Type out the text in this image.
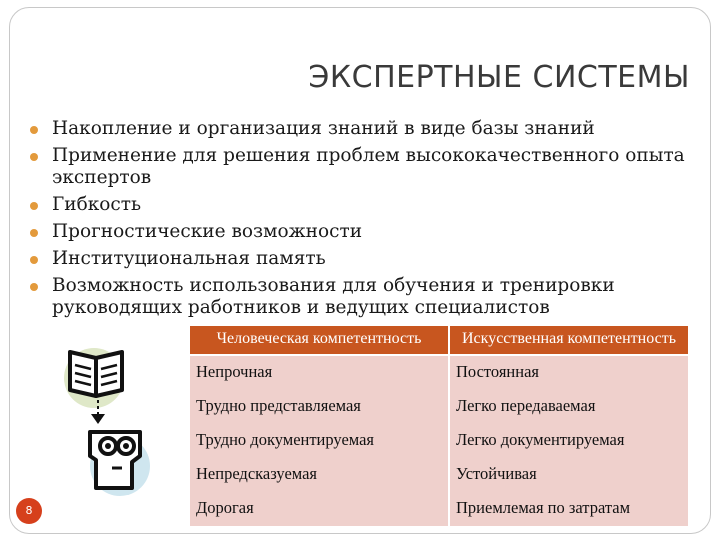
ЭКСПЕРТНЫЕ СИСТЕМЫ
Накопление и организация знаний в виде базы знаний
Применение для решения проблем высококачественного опыта экспертов
Гибкость
Прогностические возможности
Институциональная память
Возможность использования для обучения и тренировки руководящих работников и ведущих специалистов
Человеческая компетентность	Искусственная компетентность
Непрочная	Постоянная
Трудно представляемая	Легко передаваемая
Трудно документируемая	Легко документируемая
Непредсказуемая	Устойчивая
Дорогая	Приемлемая по затратам
8
